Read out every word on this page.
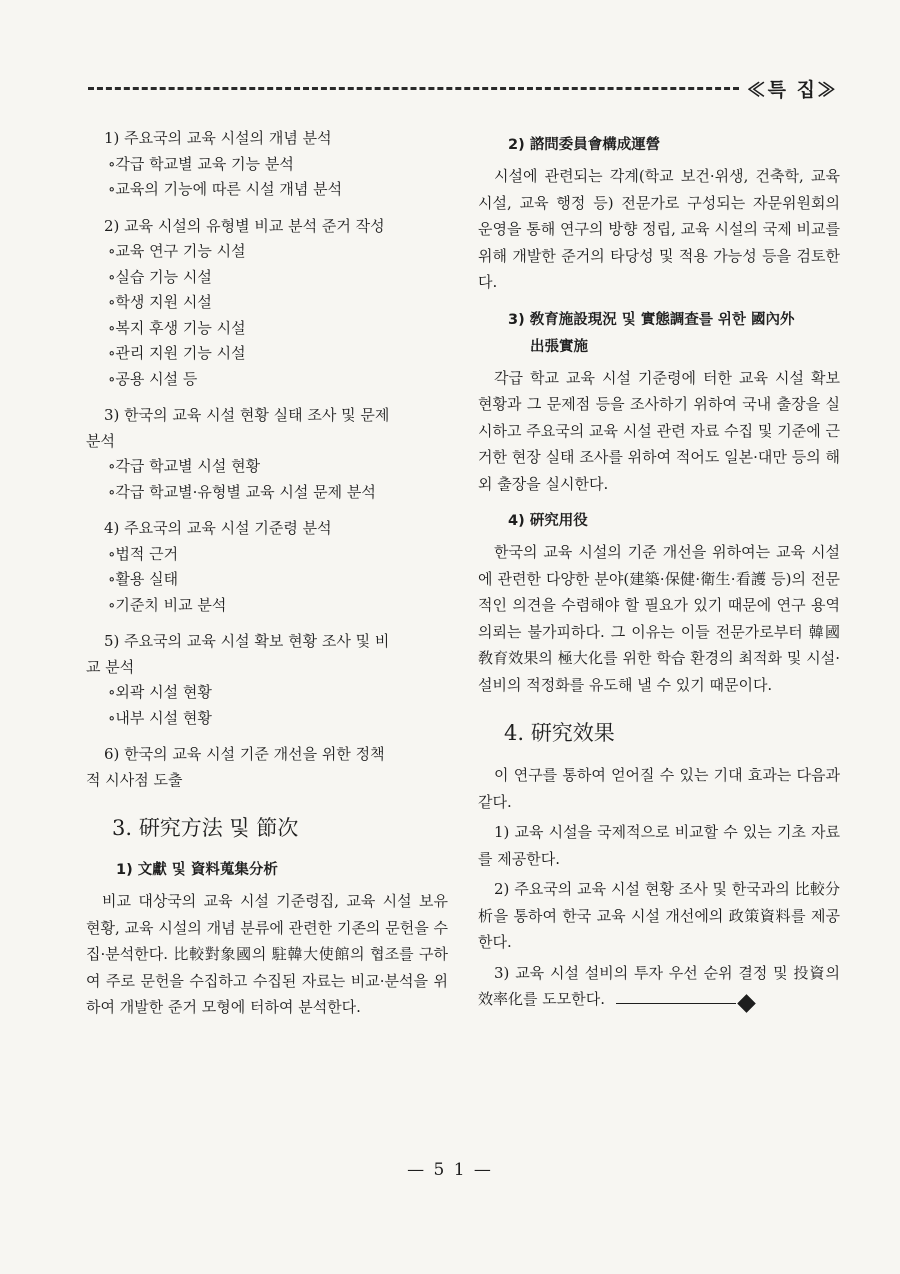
≪특 집≫
1) 주요국의 교육 시설의 개념 분석
∘각급 학교별 교육 기능 분석
∘교육의 기능에 따른 시설 개념 분석
2) 교육 시설의 유형별 비교 분석 준거 작성
∘교육 연구 기능 시설
∘실습 기능 시설
∘학생 지원 시설
∘복지 후생 기능 시설
∘관리 지원 기능 시설
∘공용 시설 등
3) 한국의 교육 시설 현황 실태 조사 및 문제
분석
∘각급 학교별 시설 현황
∘각급 학교별·유형별 교육 시설 문제 분석
4) 주요국의 교육 시설 기준령 분석
∘법적 근거
∘활용 실태
∘기준치 비교 분석
5) 주요국의 교육 시설 확보 현황 조사 및 비
교 분석
∘외곽 시설 현황
∘내부 시설 현황
6) 한국의 교육 시설 기준 개선을 위한 정책
적 시사점 도출
3. 硏究方法 및 節次
1) 文獻 및 資料蒐集分析

비교 대상국의 교육 시설 기준령집, 교육 시설 보유 현황, 교육 시설의 개념 분류에 관련한 기존의 문헌을 수집·분석한다. 比較對象國의 駐韓大使館의 협조를 구하여 주로 문헌을 수집하고 수집된 자료는 비교·분석을 위하여 개발한 준거 모형에 터하여 분석한다.

2) 諮問委員會構成運營

시설에 관련되는 각계(학교 보건·위생, 건축학, 교육 시설, 교육 행정 등) 전문가로 구성되는 자문위원회의 운영을 통해 연구의 방향 정립, 교육 시설의 국제 비교를 위해 개발한 준거의 타당성 및 적용 가능성 등을 검토한다.

3) 敎育施設現況 및 實態調査를 위한 國內外
出張實施

각급 학교 교육 시설 기준령에 터한 교육 시설 확보 현황과 그 문제점 등을 조사하기 위하여 국내 출장을 실시하고 주요국의 교육 시설 관련 자료 수집 및 기준에 근거한 현장 실태 조사를 위하여 적어도 일본·대만 등의 해외 출장을 실시한다.

4) 硏究用役

한국의 교육 시설의 기준 개선을 위하여는 교육 시설에 관련한 다양한 분야(建築·保健·衛生·看護 등)의 전문적인 의견을 수렴해야 할 필요가 있기 때문에 연구 용역 의뢰는 불가피하다. 그 이유는 이들 전문가로부터 韓國敎育效果의 極大化를 위한 학습 환경의 최적화 및 시설·설비의 적정화를 유도해 낼 수 있기 때문이다.

4. 硏究效果

이 연구를 통하여 얻어질 수 있는 기대 효과는 다음과 같다.

1) 교육 시설을 국제적으로 비교할 수 있는 기초 자료를 제공한다.

2) 주요국의 교육 시설 현황 조사 및 한국과의 比較分析을 통하여 한국 교육 시설 개선에의 政策資料를 제공한다.

3) 교육 시설 설비의 투자 우선 순위 결정 및 投資의 效率化를 도모한다.

— 5 1 —
